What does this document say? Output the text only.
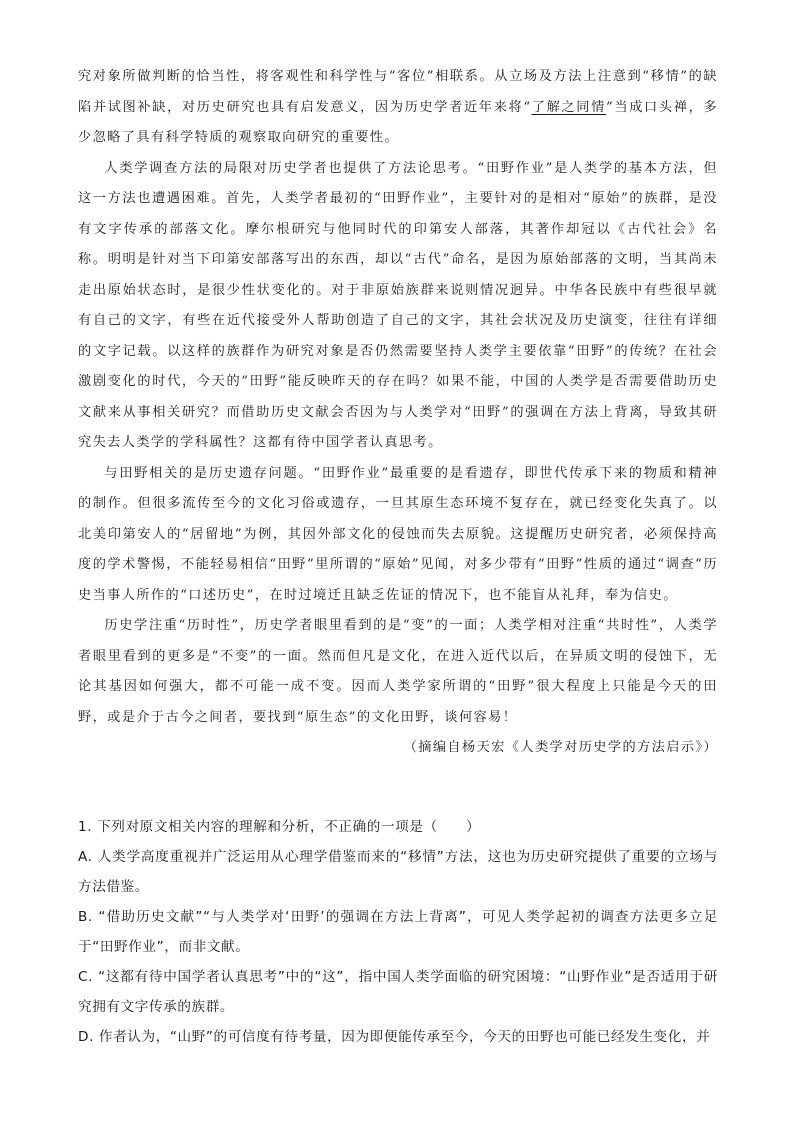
究对象所做判断的恰当性，将客观性和科学性与“客位”相联系。从立场及方法上注意到“移情”的缺陷并试图补缺，对历史研究也具有启发意义，因为历史学者近年来将“了解之同情”当成口头禅，多少忽略了具有科学特质的观察取向研究的重要性。

人类学调查方法的局限对历史学者也提供了方法论思考。“田野作业”是人类学的基本方法，但这一方法也遭遇困难。首先，人类学者最初的“田野作业”，主要针对的是相对“原始”的族群，是没有文字传承的部落文化。摩尔根研究与他同时代的印第安人部落，其著作却冠以《古代社会》名称。明明是针对当下印第安部落写出的东西，却以“古代”命名，是因为原始部落的文明，当其尚未走出原始状态时，是很少性状变化的。对于非原始族群来说则情况迥异。中华各民族中有些很早就有自己的文字，有些在近代接受外人帮助创造了自己的文字，其社会状况及历史演变，往往有详细的文字记载。以这样的族群作为研究对象是否仍然需要坚持人类学主要依靠“田野”的传统？在社会激剧变化的时代，今天的“田野”能反映昨天的存在吗？如果不能，中国的人类学是否需要借助历史文献来从事相关研究？而借助历史文献会否因为与人类学对“田野”的强调在方法上背离，导致其研究失去人类学的学科属性？这都有待中国学者认真思考。

与田野相关的是历史遗存问题。“田野作业”最重要的是看遗存，即世代传承下来的物质和精神的制作。但很多流传至今的文化习俗或遗存，一旦其原生态环境不复存在，就已经变化失真了。以北美印第安人的“居留地”为例，其因外部文化的侵蚀而失去原貌。这提醒历史研究者，必须保持高度的学术警惕，不能轻易相信“田野”里所谓的“原始”见闻，对多少带有“田野”性质的通过“调查”历史当事人所作的“口述历史”，在时过境迁且缺乏佐证的情况下，也不能盲从礼拜，奉为信史。

历史学注重“历时性”，历史学者眼里看到的是“变”的一面；人类学相对注重“共时性”，人类学者眼里看到的更多是“不变”的一面。然而但凡是文化，在进入近代以后，在异质文明的侵蚀下，无论其基因如何强大，都不可能一成不变。因而人类学家所谓的“田野”很大程度上只能是今天的田野，或是介于古今之间者，要找到“原生态”的文化田野，谈何容易！

（摘编自杨天宏《人类学对历史学的方法启示》）

1. 下列对原文相关内容的理解和分析，不正确的一项是（　　）

A. 人类学高度重视并广泛运用从心理学借鉴而来的“移情”方法，这也为历史研究提供了重要的立场与方法借鉴。

B. “借助历史文献”“与人类学对‘田野’的强调在方法上背离”，可见人类学起初的调查方法更多立足于“田野作业”，而非文献。

C. “这都有待中国学者认真思考”中的“这”，指中国人类学面临的研究困境：“山野作业”是否适用于研究拥有文字传承的族群。

D. 作者认为，“山野”的可信度有待考量，因为即便能传承至今，今天的田野也可能已经发生变化，并
